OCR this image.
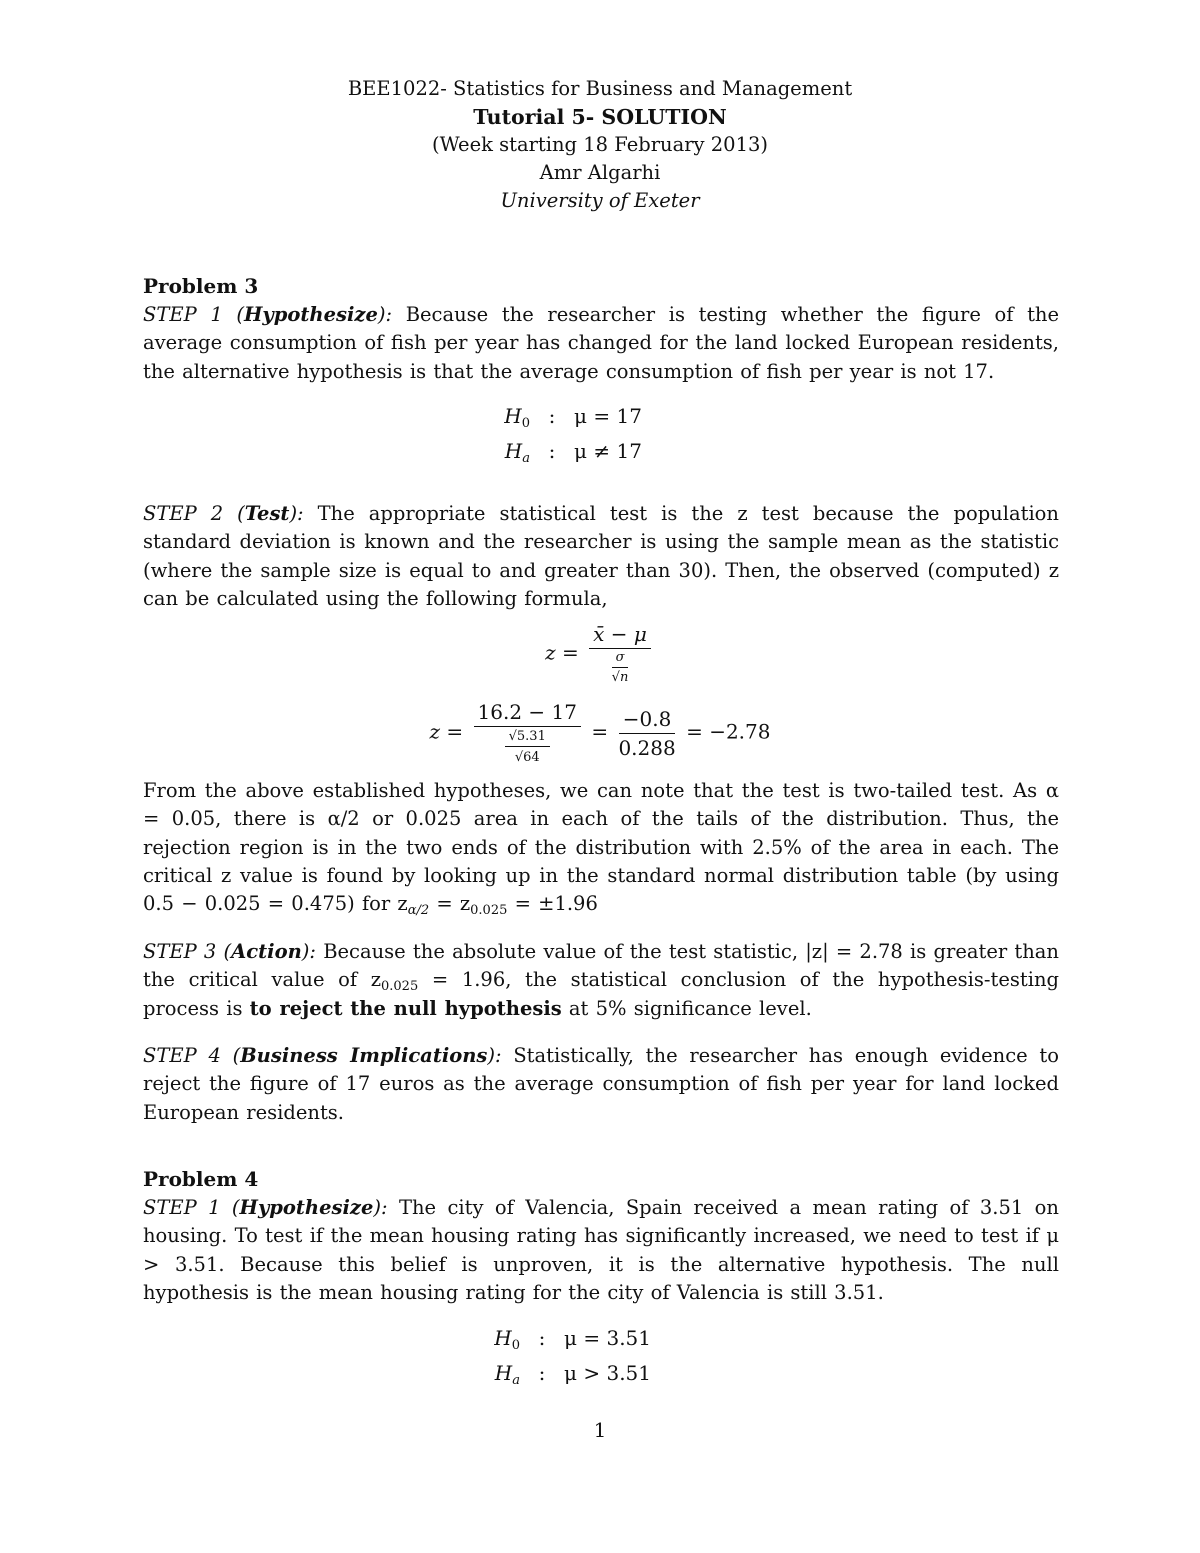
BEE1022- Statistics for Business and Management
Tutorial 5- SOLUTION
(Week starting 18 February 2013)
Amr Algarhi
University of Exeter
Problem 3
STEP 1 (Hypothesize): Because the researcher is testing whether the figure of the average consumption of fish per year has changed for the land locked European residents, the alternative hypothesis is that the average consumption of fish per year is not 17.
$H_0$ : μ = 17
$H_a$ : μ ≠ 17
STEP 2 (Test): The appropriate statistical test is the z test because the population standard deviation is known and the researcher is using the sample mean as the statistic (where the sample size is equal to and greater than 30). Then, the observed (computed) z can be calculated using the following formula,
$z = \frac{x̄ - \mu}{\frac{\sigma}{√n}}$
$z = \frac{16.2 - 17}{\frac{√5.31}{√64}} = \frac{-0.8}{0.288} = -2.78$
From the above established hypotheses, we can note that the test is two-tailed test. As α = 0.05, there is α/2 or 0.025 area in each of the tails of the distribution. Thus, the rejection region is in the two ends of the distribution with 2.5% of the area in each. The critical z value is found by looking up in the standard normal distribution table (by using 0.5 − 0.025 = 0.475) for $z_{\alpha/2} = z_{0.025} = \pm 1.96$
STEP 3 (Action): Because the absolute value of the test statistic, |z| = 2.78 is greater than the critical value of $z_{0.025} = 1.96$, the statistical conclusion of the hypothesis-testing process is to reject the null hypothesis at 5% significance level.
STEP 4 (Business Implications): Statistically, the researcher has enough evidence to reject the figure of 17 euros as the average consumption of fish per year for land locked European residents.
Problem 4
STEP 1 (Hypothesize): The city of Valencia, Spain received a mean rating of 3.51 on housing. To test if the mean housing rating has significantly increased, we need to test if μ > 3.51. Because this belief is unproven, it is the alternative hypothesis. The null hypothesis is the mean housing rating for the city of Valencia is still 3.51.
$H_0$ : μ = 3.51
$H_a$ : μ > 3.51
1
